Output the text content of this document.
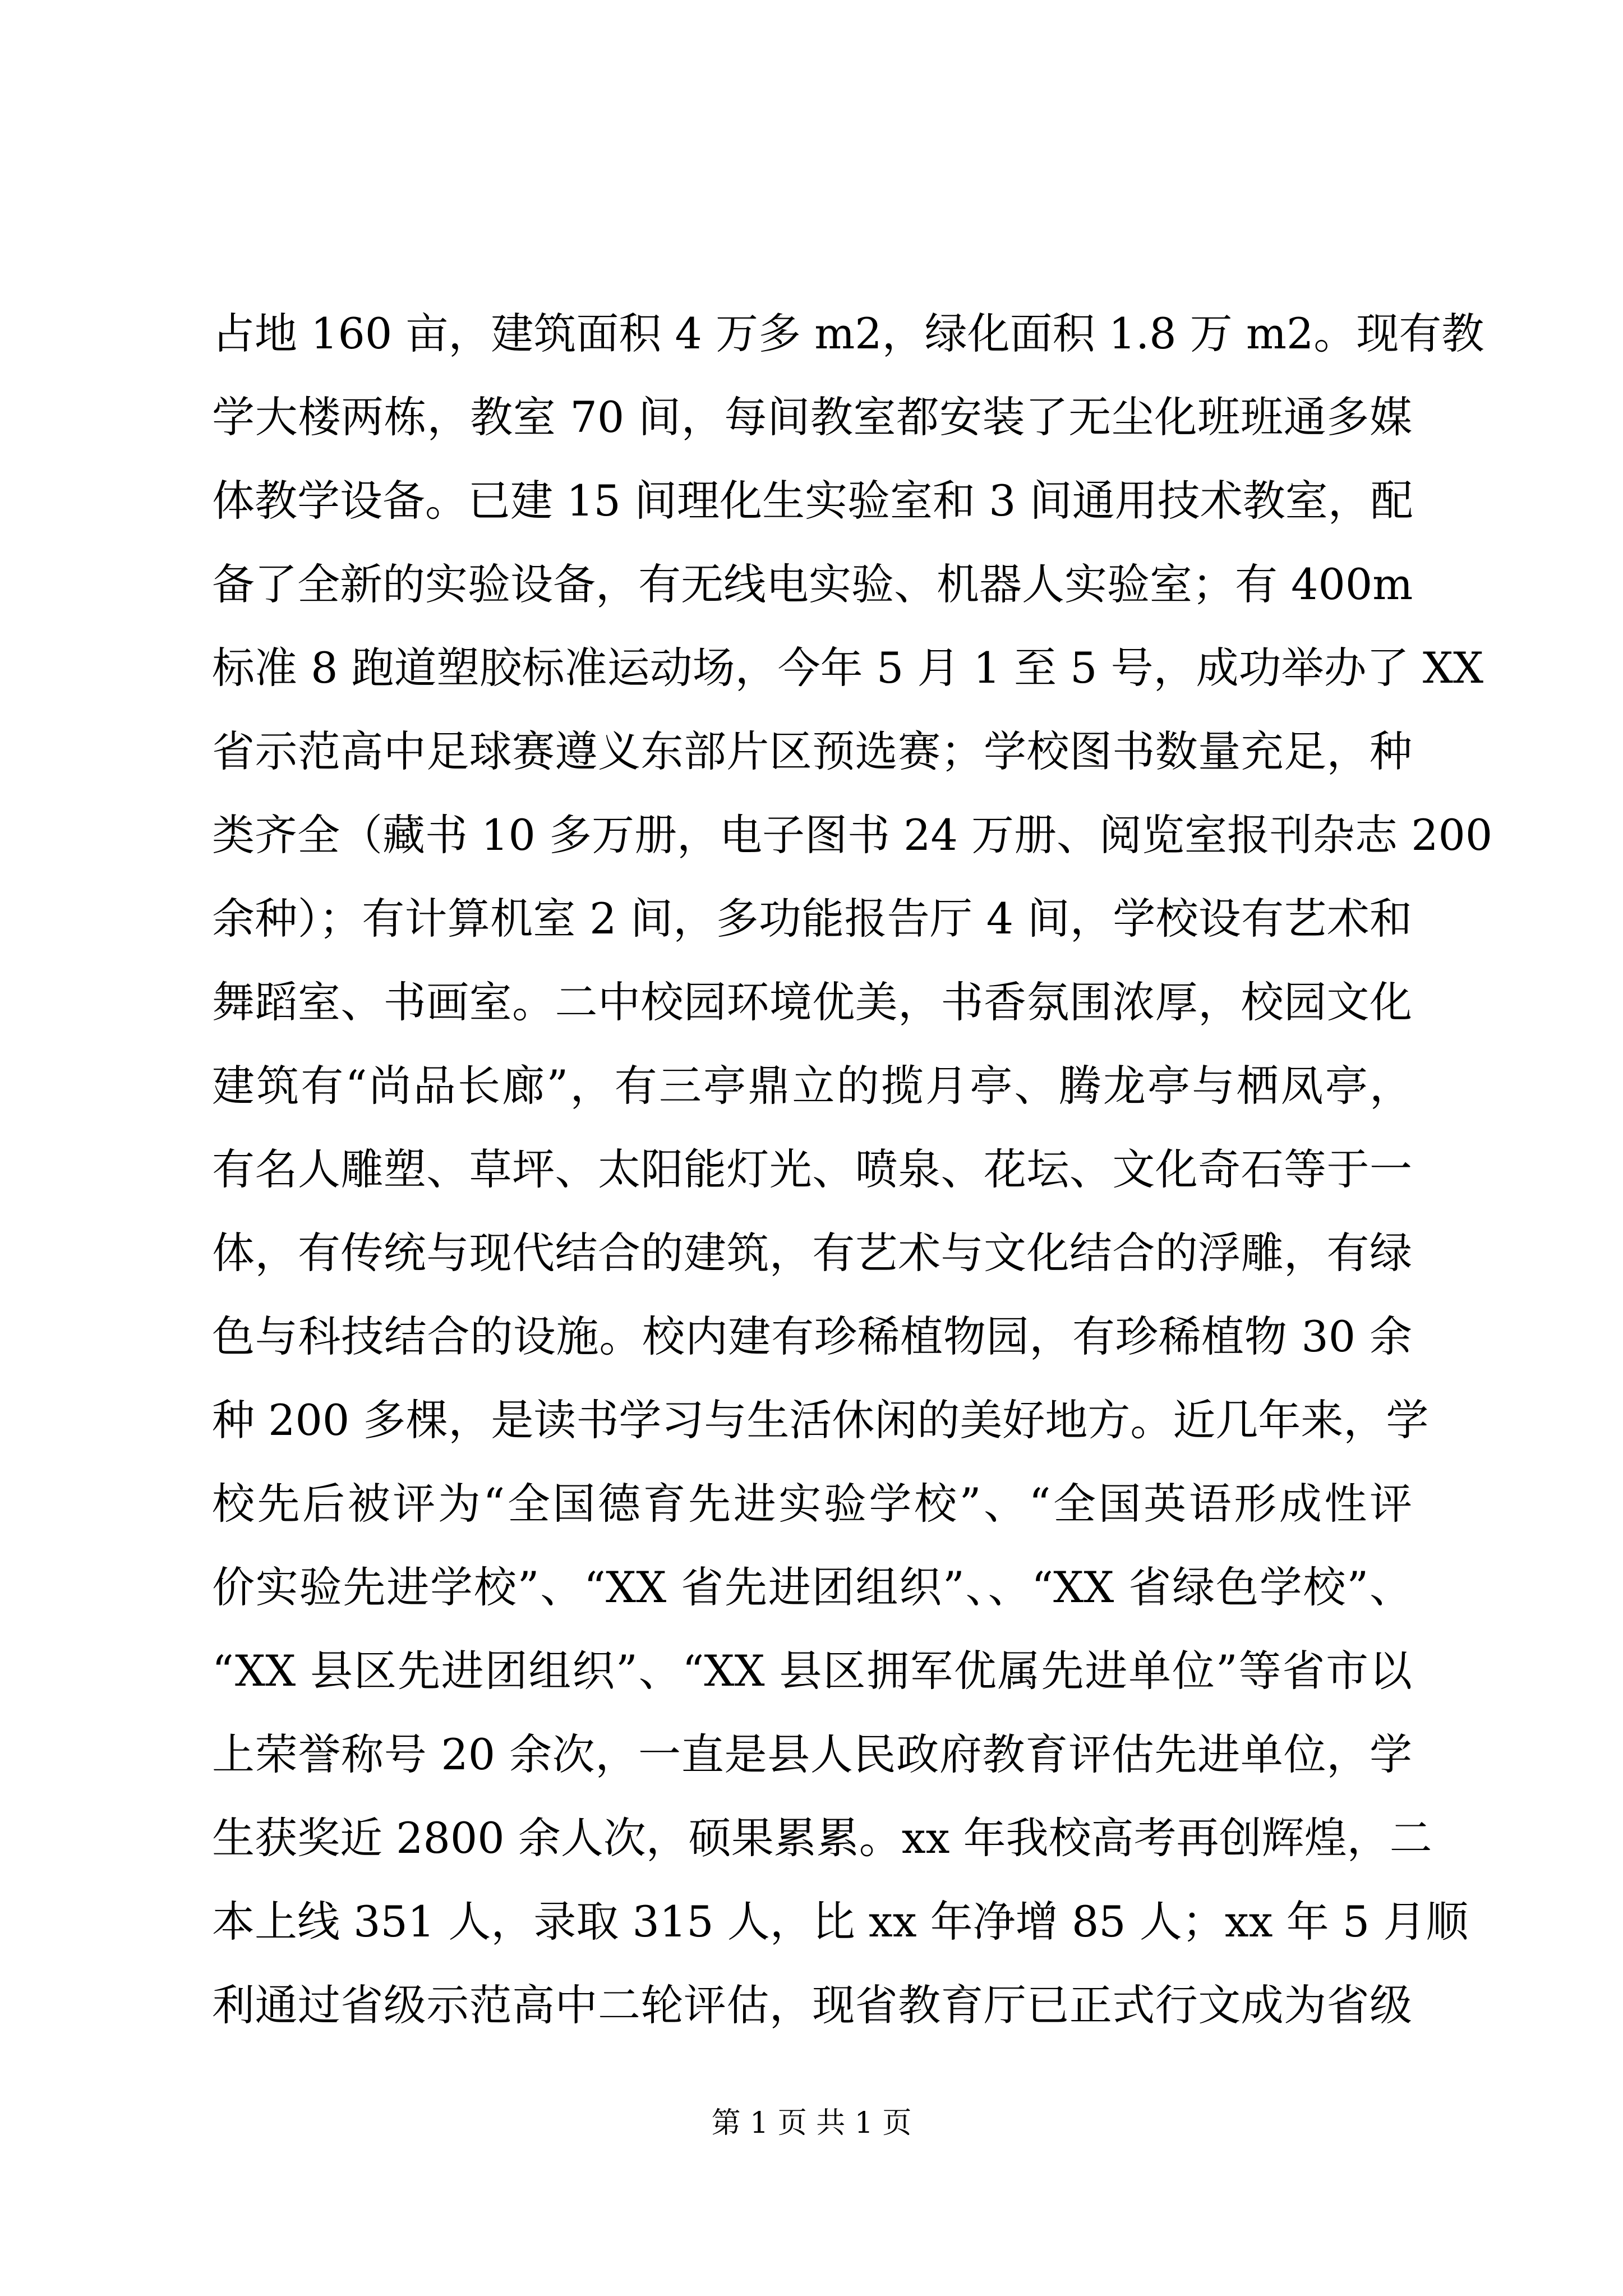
占地 160 亩，建筑面积 4 万多 m2，绿化面积 1.8 万 m2。现有教
学大楼两栋，教室 70 间，每间教室都安装了无尘化班班通多媒
体教学设备。已建 15 间理化生实验室和 3 间通用技术教室，配
备了全新的实验设备，有无线电实验、机器人实验室；有 400m
标准 8 跑道塑胶标准运动场，今年 5 月 1 至 5 号，成功举办了 XX
省示范高中足球赛遵义东部片区预选赛；学校图书数量充足，种
类齐全（藏书 10 多万册，电子图书 24 万册、阅览室报刊杂志 200
余种）；有计算机室 2 间，多功能报告厅 4 间，学校设有艺术和
舞蹈室、书画室。二中校园环境优美，书香氛围浓厚，校园文化
建筑有“尚品长廊”，有三亭鼎立的揽月亭、腾龙亭与栖凤亭，
有名人雕塑、草坪、太阳能灯光、喷泉、花坛、文化奇石等于一
体，有传统与现代结合的建筑，有艺术与文化结合的浮雕，有绿
色与科技结合的设施。校内建有珍稀植物园，有珍稀植物 30 余
种 200 多棵，是读书学习与生活休闲的美好地方。近几年来，学
校先后被评为“全国德育先进实验学校”、“全国英语形成性评
价实验先进学校”、“XX 省先进团组织”、、“XX 省绿色学校”、
“XX 县区先进团组织”、“XX 县区拥军优属先进单位”等省市以
上荣誉称号 20 余次，一直是县人民政府教育评估先进单位，学
生获奖近 2800 余人次，硕果累累。xx 年我校高考再创辉煌，二
本上线 351 人，录取 315 人，比 xx 年净增 85 人；xx 年 5 月顺
利通过省级示范高中二轮评估，现省教育厅已正式行文成为省级
第 1 页 共 1 页
